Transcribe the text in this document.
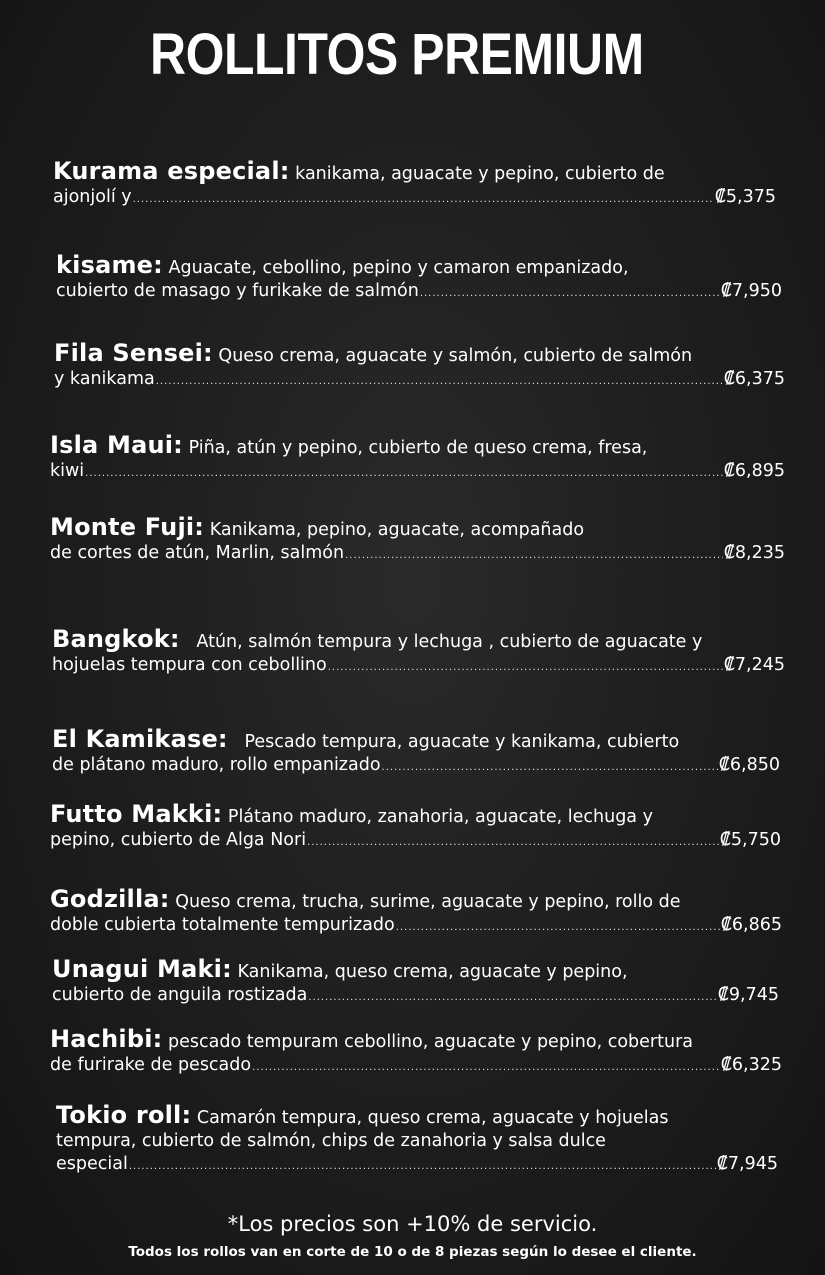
ROLLITOS PREMIUM
Kurama especial: kanikamа, aguacate y pepino, cubierto de
ajonjolí y .....	₡5,375
kisame: Aguacate, cebollino, pepino y camaron empanizado,
cubierto de masago y furikake de salmón .....	₡7,950
Fila Sensei: Queso crema, aguacate y salmón, cubierto de salmón
y kanikama .....	₡6,375
Isla Maui: Piña, atún y pepino, cubierto de queso crema, fresa,
kiwi .....	₡6,895
Monte Fuji: Kanikama, pepino, aguacate, acompañado
de cortes de atún, Marlin, salmón .....	₡8,235
Bangkok: Atún, salmón tempura y lechuga , cubierto de aguacate y
hojuelas tempura con cebollino .....	₡7,245
El Kamikase: Pescado tempura, aguacate y kanikama, cubierto
de plátano maduro, rollo empanizado .....	₡6,850
Futto Makki: Plátano maduro, zanahoria, aguacate, lechuga y
pepino, cubierto de Alga Nori .....	₡5,750
Godzilla: Queso crema, trucha, surime, aguacate y pepino, rollo de
doble cubierta totalmente tempurizado .....	₡6,865
Unagui Maki: Kanikama, queso crema, aguacate y pepino,
cubierto de anguila rostizada .....	₡9,745
Hachibi: pescado tempuram cebollino, aguacate y pepino, cobertura
de furirake de pescado .....	₡6,325
Tokio roll: Camarón tempura, queso crema, aguacate y hojuelas
tempura, cubierto de salmón, chips de zanahoria y salsa dulce
especial .....	₡7,945
*Los precios son +10% de servicio.
Todos los rollos van en corte de 10 o de 8 piezas según lo desee el cliente.
